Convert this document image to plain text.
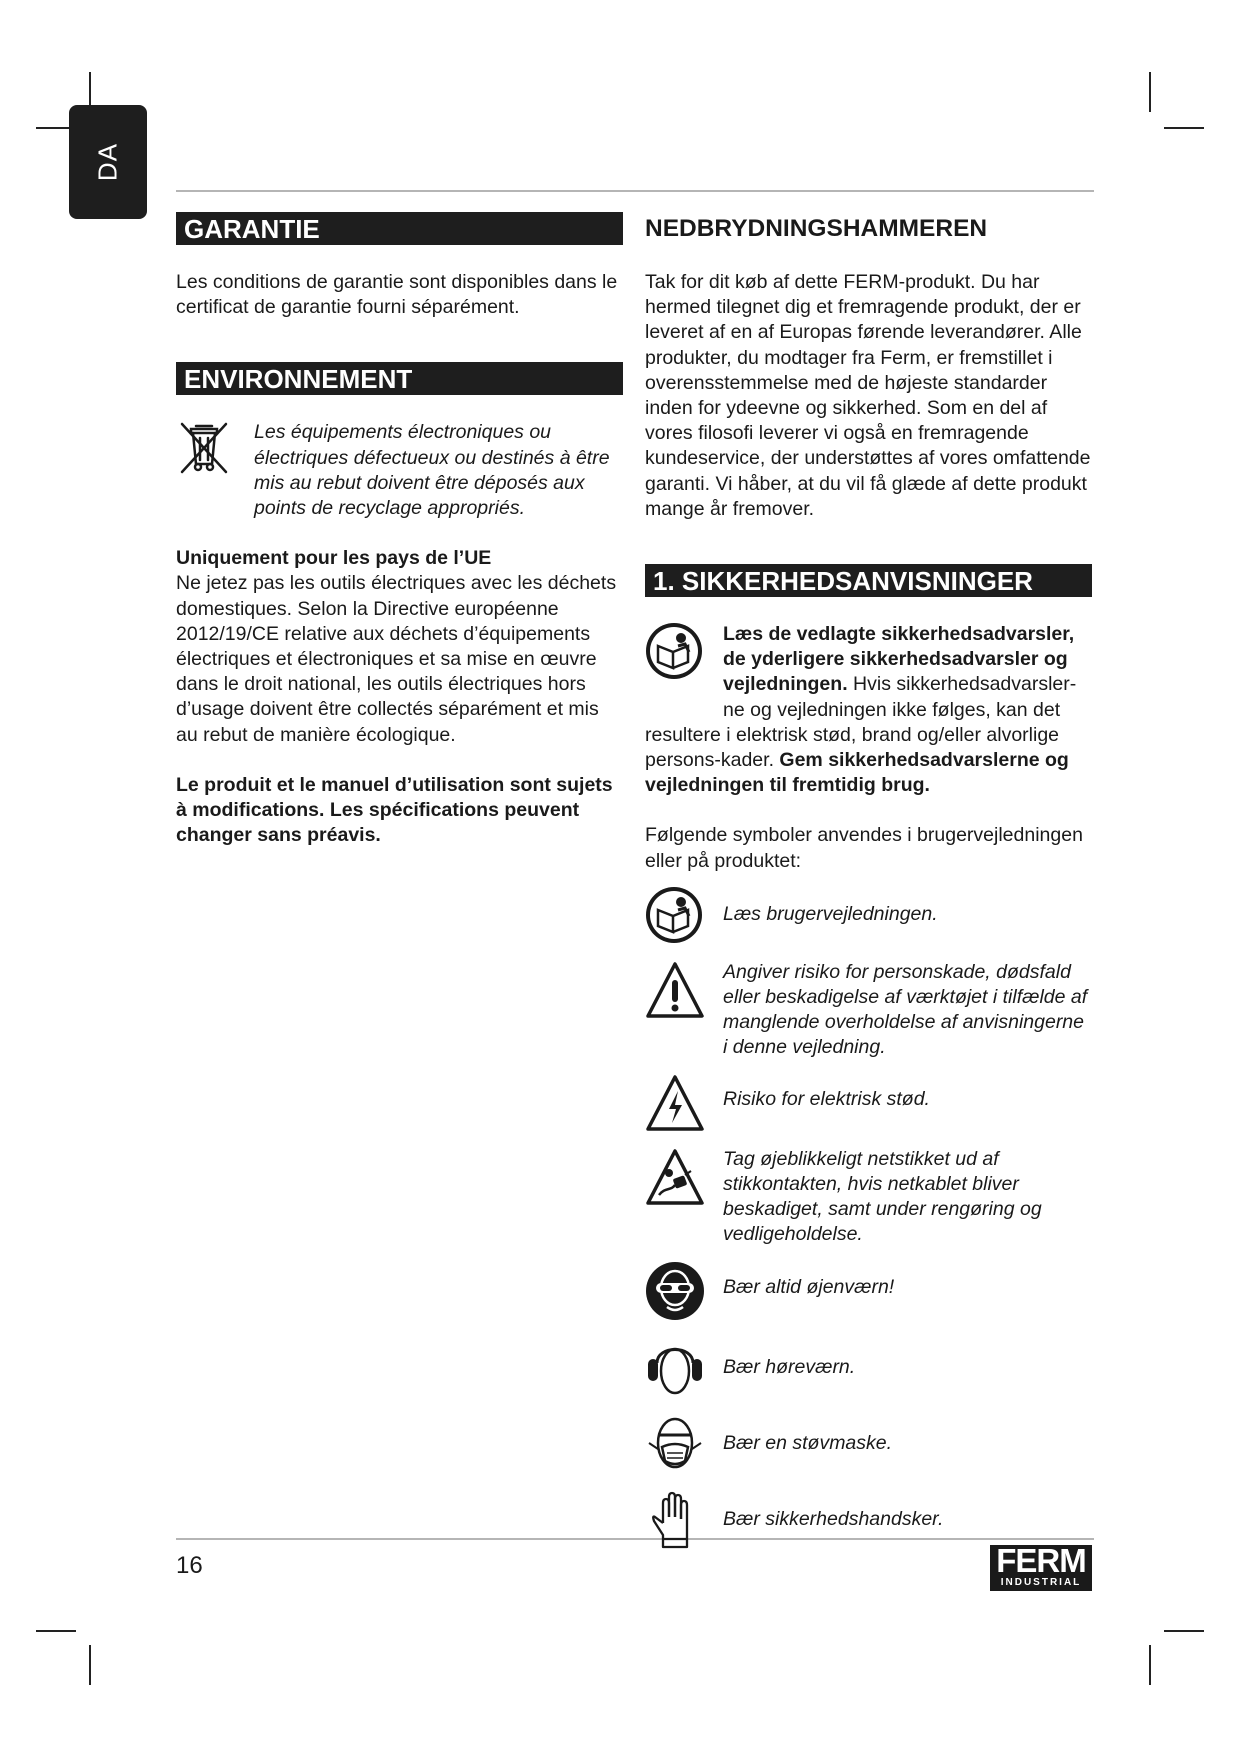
DA
GARANTIE

Les conditions de garantie sont disponibles dans le certificat de garantie fourni séparément.

ENVIRONNEMENT
Les équipements électroniques ou électriques défectueux ou destinés à être mis au rebut doivent être déposés aux points de recyclage appropriés.

Uniquement pour les pays de l’UE

Ne jetez pas les outils électriques avec les déchets domestiques. Selon la Directive européenne 2012/19/CE relative aux déchets d’équipements électriques et électroniques et sa mise en œuvre dans le droit national, les outils électriques hors d’usage doivent être collectés séparément et mis au rebut de manière écologique.

Le produit et le manuel d’utilisation sont sujets à modifications. Les spécifications peuvent changer sans préavis.

NEDBRYDNINGSHAMMEREN

Tak for dit køb af dette FERM-produkt. Du har hermed tilegnet dig et fremragende produkt, der er leveret af en af Europas førende leverandører. Alle produkter, du modtager fra Ferm, er fremstillet i overensstemmelse med de højeste standarder inden for ydeevne og sikkerhed. Som en del af vores filosofi leverer vi også en fremragende kundeservice, der understøttes af vores omfattende garanti. Vi håber, at du vil få glæde af dette produkt mange år fremover.

1. SIKKERHEDSANVISNINGER
Læs de vedlagte sikkerhedsadvarsler, de yderligere sikkerhedsadvarsler og vejledningen. Hvis sikkerhedsadvarsler-ne og vejledningen ikke følges, kan det resultere i elektrisk stød, brand og/eller alvorlige persons-kader. Gem sikkerhedsadvarslerne og vejledningen til fremtidig brug.

Følgende symboler anvendes i brugervejledningen eller på produktet:

Læs brugervejledningen.
Angiver risiko for personskade, dødsfald eller beskadigelse af værktøjet i tilfælde af manglende overholdelse af anvisningerne i denne vejledning.
Risiko for elektrisk stød.
Tag øjeblikkeligt netstikket ud af stikkontakten, hvis netkablet bliver beskadiget, samt under rengøring og vedligeholdelse.
Bær altid øjenværn!
Bær høreværn.
Bær en støvmaske.
Bær sikkerhedshandsker.
16	FERM
INDUSTRIAL
